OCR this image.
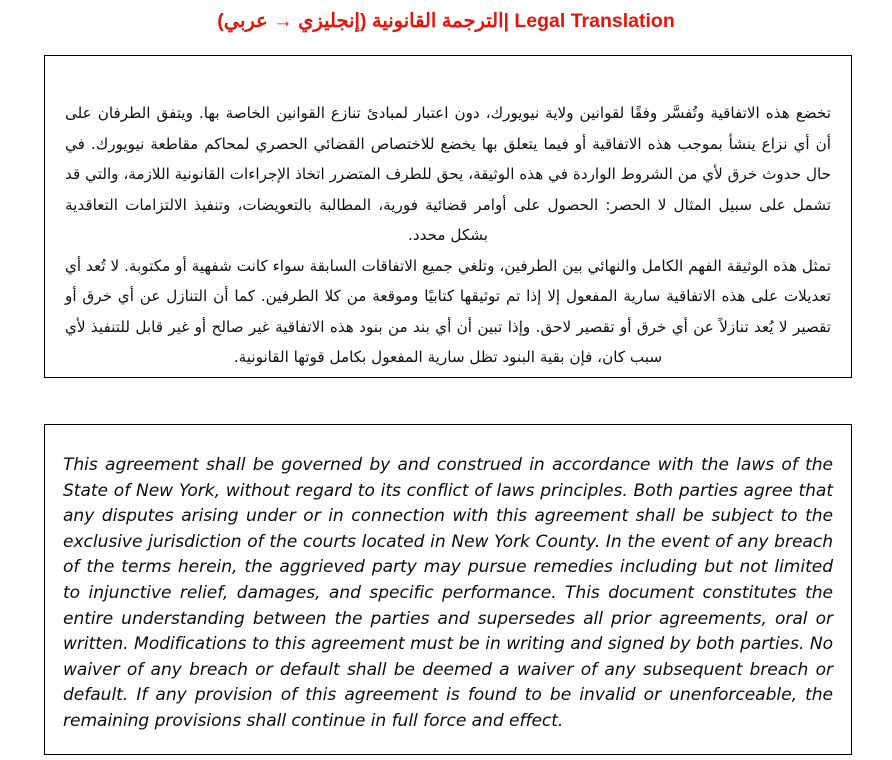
الترجمة القانونية (إنجليزي → عربي)| Legal Translation

تخضع هذه الاتفاقية وتُفسَّر وفقًا لقوانين ولاية نيويورك، دون اعتبار لمبادئ تنازع القوانين الخاصة بها. ويتفق الطرفان على أن أي نزاع ينشأ بموجب هذه الاتفاقية أو فيما يتعلق بها يخضع للاختصاص القضائي الحصري لمحاكم مقاطعة نيويورك. في حال حدوث خرق لأي من الشروط الواردة في هذه الوثيقة، يحق للطرف المتضرر اتخاذ الإجراءات القانونية اللازمة، والتي قد تشمل على سبيل المثال لا الحصر: الحصول على أوامر قضائية فورية، المطالبة بالتعويضات، وتنفيذ الالتزامات التعاقدية بشكل محدد.

تمثل هذه الوثيقة الفهم الكامل والنهائي بين الطرفين، وتلغي جميع الاتفاقات السابقة سواء كانت شفهية أو مكتوبة. لا تُعد أي تعديلات على هذه الاتفاقية سارية المفعول إلا إذا تم توثيقها كتابيًا وموقعة من كلا الطرفين. كما أن التنازل عن أي خرق أو تقصير لا يُعد تنازلاً عن أي خرق أو تقصير لاحق. وإذا تبين أن أي بند من بنود هذه الاتفاقية غير صالح أو غير قابل للتنفيذ لأي سبب كان، فإن بقية البنود تظل سارية المفعول بكامل قوتها القانونية.

This agreement shall be governed by and construed in accordance with the laws of the State of New York, without regard to its conflict of laws principles. Both parties agree that any disputes arising under or in connection with this agreement shall be subject to the exclusive jurisdiction of the courts located in New York County. In the event of any breach of the terms herein, the aggrieved party may pursue remedies including but not limited to injunctive relief, damages, and specific performance. This document constitutes the entire understanding between the parties and supersedes all prior agreements, oral or written. Modifications to this agreement must be in writing and signed by both parties. No waiver of any breach or default shall be deemed a waiver of any subsequent breach or default. If any provision of this agreement is found to be invalid or unenforceable, the remaining provisions shall continue in full force and effect.
